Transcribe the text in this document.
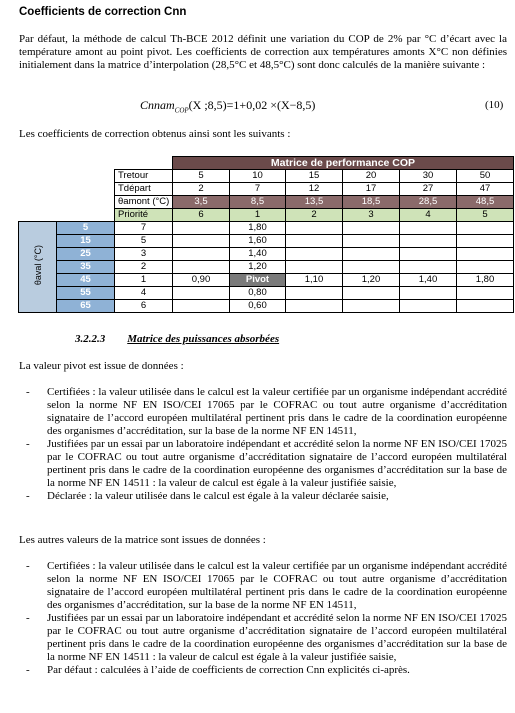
Coefficients de correction Cnn
Par défaut, la méthode de calcul Th-BCE 2012 définit une variation du COP de 2% par °C d’écart avec la température amont au point pivot. Les coefficients de correction aux températures amonts X°C non définies initialement dans la matrice d’interpolation (28,5°C et 48,5°C) sont donc calculés de la manière suivante :
Cnnam$_{COP}$(X ;8,5)=1+0,02 ×(X−8,5)	(10)
Les coefficients de correction obtenus ainsi sont les suivants :
			Matrice de performance COP					
		Tretour	5	10	15	20	30	50
		Tdépart	2	7	12	17	27	47
		θamont (°C)	3,5	8,5	13,5	18,5	28,5	48,5
		Priorité	6	1	2	3	4	5
θaval (°C)	5	7		1,80				
	15	5		1,60				
	25	3		1,40				
	35	2		1,20				
	45	1	0,90	Pivot	1,10	1,20	1,40	1,80
	55	4		0,80				
	65	6		0,60				
3.2.2.3 Matrice des puissances absorbées
La valeur pivot est issue de données :
- Certifiées : la valeur utilisée dans le calcul est la valeur certifiée par un organisme indépendant accrédité selon la norme NF EN ISO/CEI 17065 par le COFRAC ou tout autre organisme d’accréditation signataire de l’accord européen multilatéral pertinent pris dans le cadre de la coordination européenne des organismes d’accréditation, sur la base de la norme NF EN 14511,
- Justifiées par un essai par un laboratoire indépendant et accrédité selon la norme NF EN ISO/CEI 17025 par le COFRAC ou tout autre organisme d’accréditation signataire de l’accord européen multilatéral pertinent pris dans le cadre de la coordination européenne des organismes d’accréditation sur la base de la norme NF EN 14511 : la valeur de calcul est égale à la valeur justifiée saisie,
- Déclarée : la valeur utilisée dans le calcul est égale à la valeur déclarée saisie,
Les autres valeurs de la matrice sont issues de données :
- Certifiées : la valeur utilisée dans le calcul est la valeur certifiée par un organisme indépendant accrédité selon la norme NF EN ISO/CEI 17065 par le COFRAC ou tout autre organisme d’accréditation signataire de l’accord européen multilatéral pertinent pris dans le cadre de la coordination européenne des organismes d’accréditation, sur la base de la norme NF EN 14511,
- Justifiées par un essai par un laboratoire indépendant et accrédité selon la norme NF EN ISO/CEI 17025 par le COFRAC ou tout autre organisme d’accréditation signataire de l’accord européen multilatéral pertinent pris dans le cadre de la coordination européenne des organismes d’accréditation sur la base de la norme NF EN 14511 : la valeur de calcul est égale à la valeur justifiée saisie,
- Par défaut : calculées à l’aide de coefficients de correction Cnn explicités ci-après.
